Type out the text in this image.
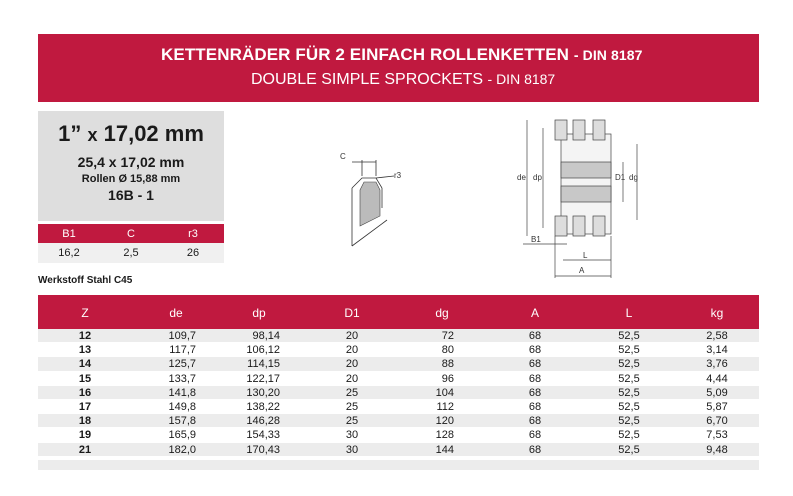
KETTENRÄDER FÜR 2 EINFACH ROLLENKETTEN - DIN 8187
DOUBLE SIMPLE SPROCKETS - DIN 8187
1” x 17,02 mm
25,4 x 17,02 mm
Rollen Ø 15,88 mm
16B - 1
B1	C	r3
16,2	2,5	26
Werkstoff Stahl C45
C
r3	de dp	D1 dg
B1
L
A
Z	de	dp	D1	dg	A	L	kg
12	109,7	98,14	20	72	68	52,5	2,58
13	117,7	106,12	20	80	68	52,5	3,14
14	125,7	114,15	20	88	68	52,5	3,76
15	133,7	122,17	20	96	68	52,5	4,44
16	141,8	130,20	25	104	68	52,5	5,09
17	149,8	138,22	25	112	68	52,5	5,87
18	157,8	146,28	25	120	68	52,5	6,70
19	165,9	154,33	30	128	68	52,5	7,53
21	182,0	170,43	30	144	68	52,5	9,48
